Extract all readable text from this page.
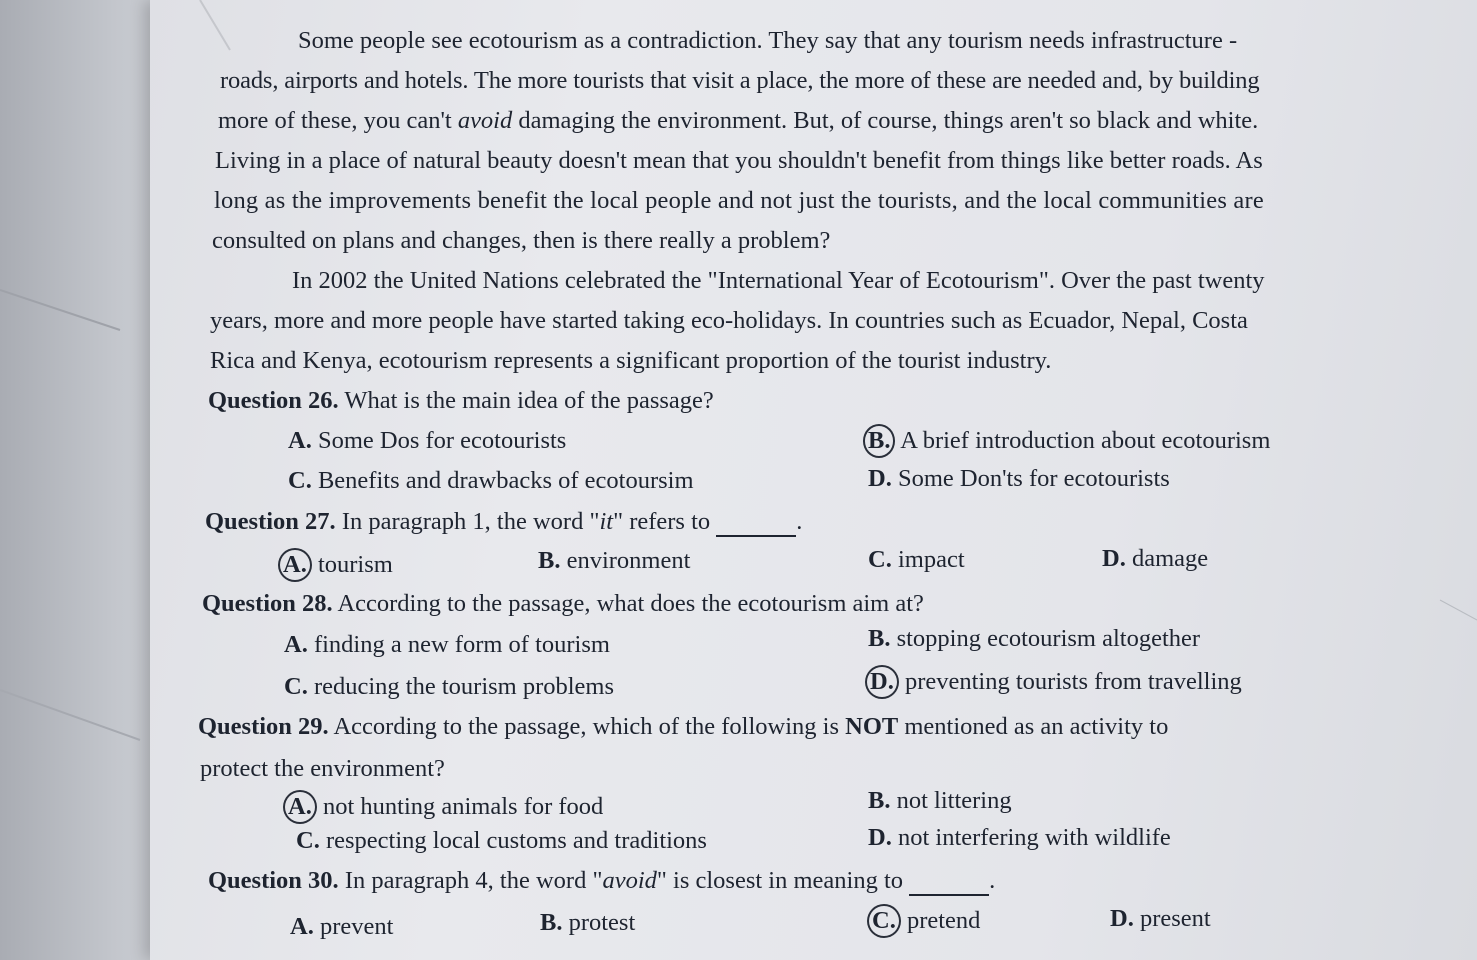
Some people see ecotourism as a contradiction. They say that any tourism needs infrastructure -
roads, airports and hotels. The more tourists that visit a place, the more of these are needed and, by building
more of these, you can't avoid damaging the environment. But, of course, things aren't so black and white.
Living in a place of natural beauty doesn't mean that you shouldn't benefit from things like better roads. As
long as the improvements benefit the local people and not just the tourists, and the local communities are
consulted on plans and changes, then is there really a problem?
In 2002 the United Nations celebrated the "International Year of Ecotourism". Over the past twenty
years, more and more people have started taking eco-holidays. In countries such as Ecuador, Nepal, Costa
Rica and Kenya, ecotourism represents a significant proportion of the tourist industry.
Question 26. What is the main idea of the passage?
A. Some Dos for ecotourists	B. A brief introduction about ecotourism
C. Benefits and drawbacks of ecotoursim	D. Some Don'ts for ecotourists
Question 27. In paragraph 1, the word "it" refers to	.
A. tourism	B. environment	C. impact	D. damage
Question 28. According to the passage, what does the ecotourism aim at?
A. finding a new form of tourism	B. stopping ecotourism altogether
C. reducing the tourism problems	D. preventing tourists from travelling
Question 29. According to the passage, which of the following is NOT mentioned as an activity to
protect the environment?
A. not hunting animals for food	B. not littering
C. respecting local customs and traditions	D. not interfering with wildlife
Question 30. In paragraph 4, the word "avoid" is closest in meaning to	.
A. prevent	B. protest	C. pretend	D. present
